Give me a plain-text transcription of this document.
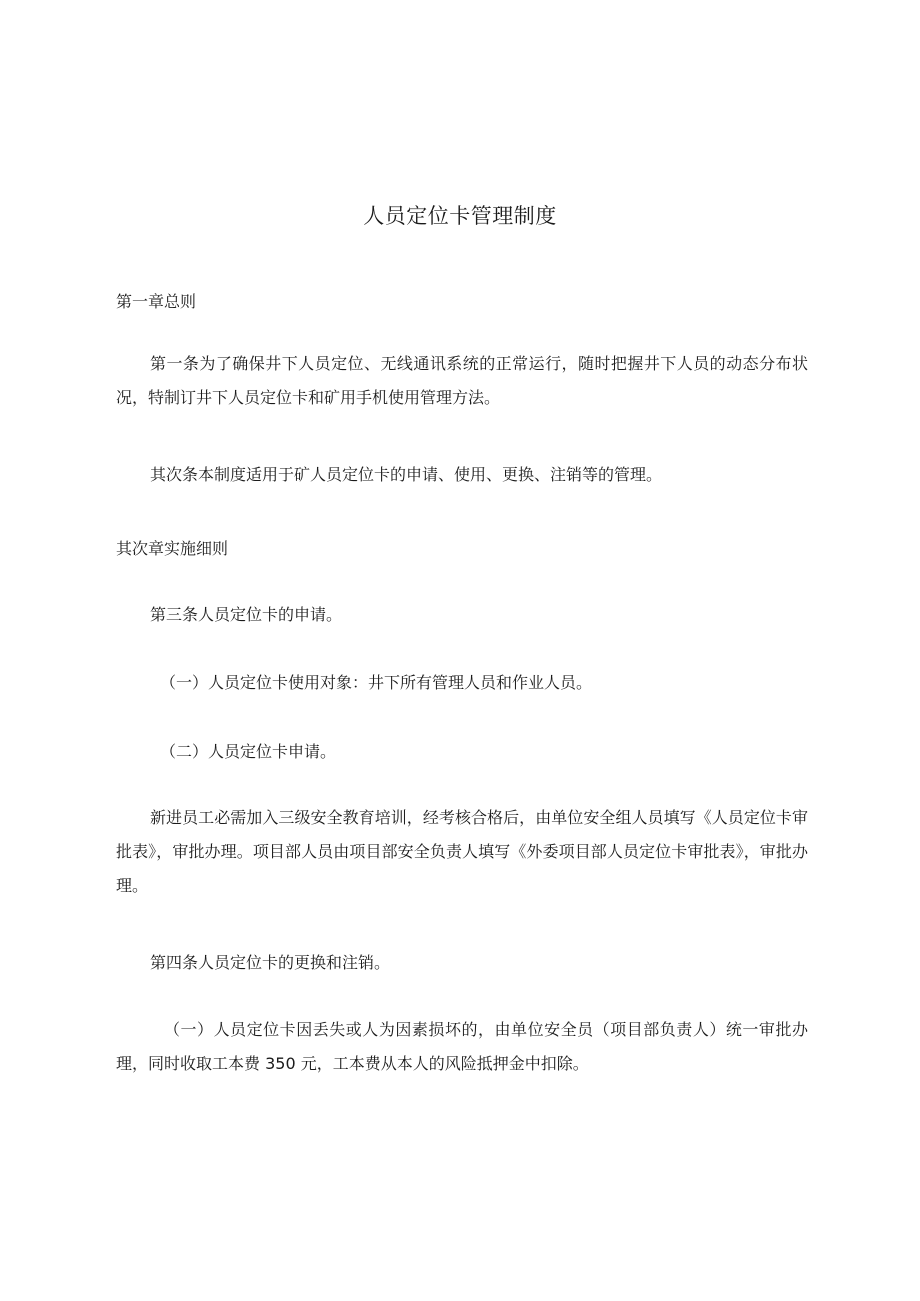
人员定位卡管理制度
第一章总则
第一条为了确保井下人员定位、无线通讯系统的正常运行，随时把握井下人员的动态分布状况，特制订井下人员定位卡和矿用手机使用管理方法。
其次条本制度适用于矿人员定位卡的申请、使用、更换、注销等的管理。
其次章实施细则
第三条人员定位卡的申请。
（一）人员定位卡使用对象：井下所有管理人员和作业人员。
（二）人员定位卡申请。
新进员工必需加入三级安全教育培训，经考核合格后，由单位安全组人员填写《人员定位卡审批表》，审批办理。项目部人员由项目部安全负责人填写《外委项目部人员定位卡审批表》，审批办理。
第四条人员定位卡的更换和注销。
（一）人员定位卡因丢失或人为因素损坏的，由单位安全员（项目部负责人）统一审批办理，同时收取工本费 350 元，工本费从本人的风险抵押金中扣除。
